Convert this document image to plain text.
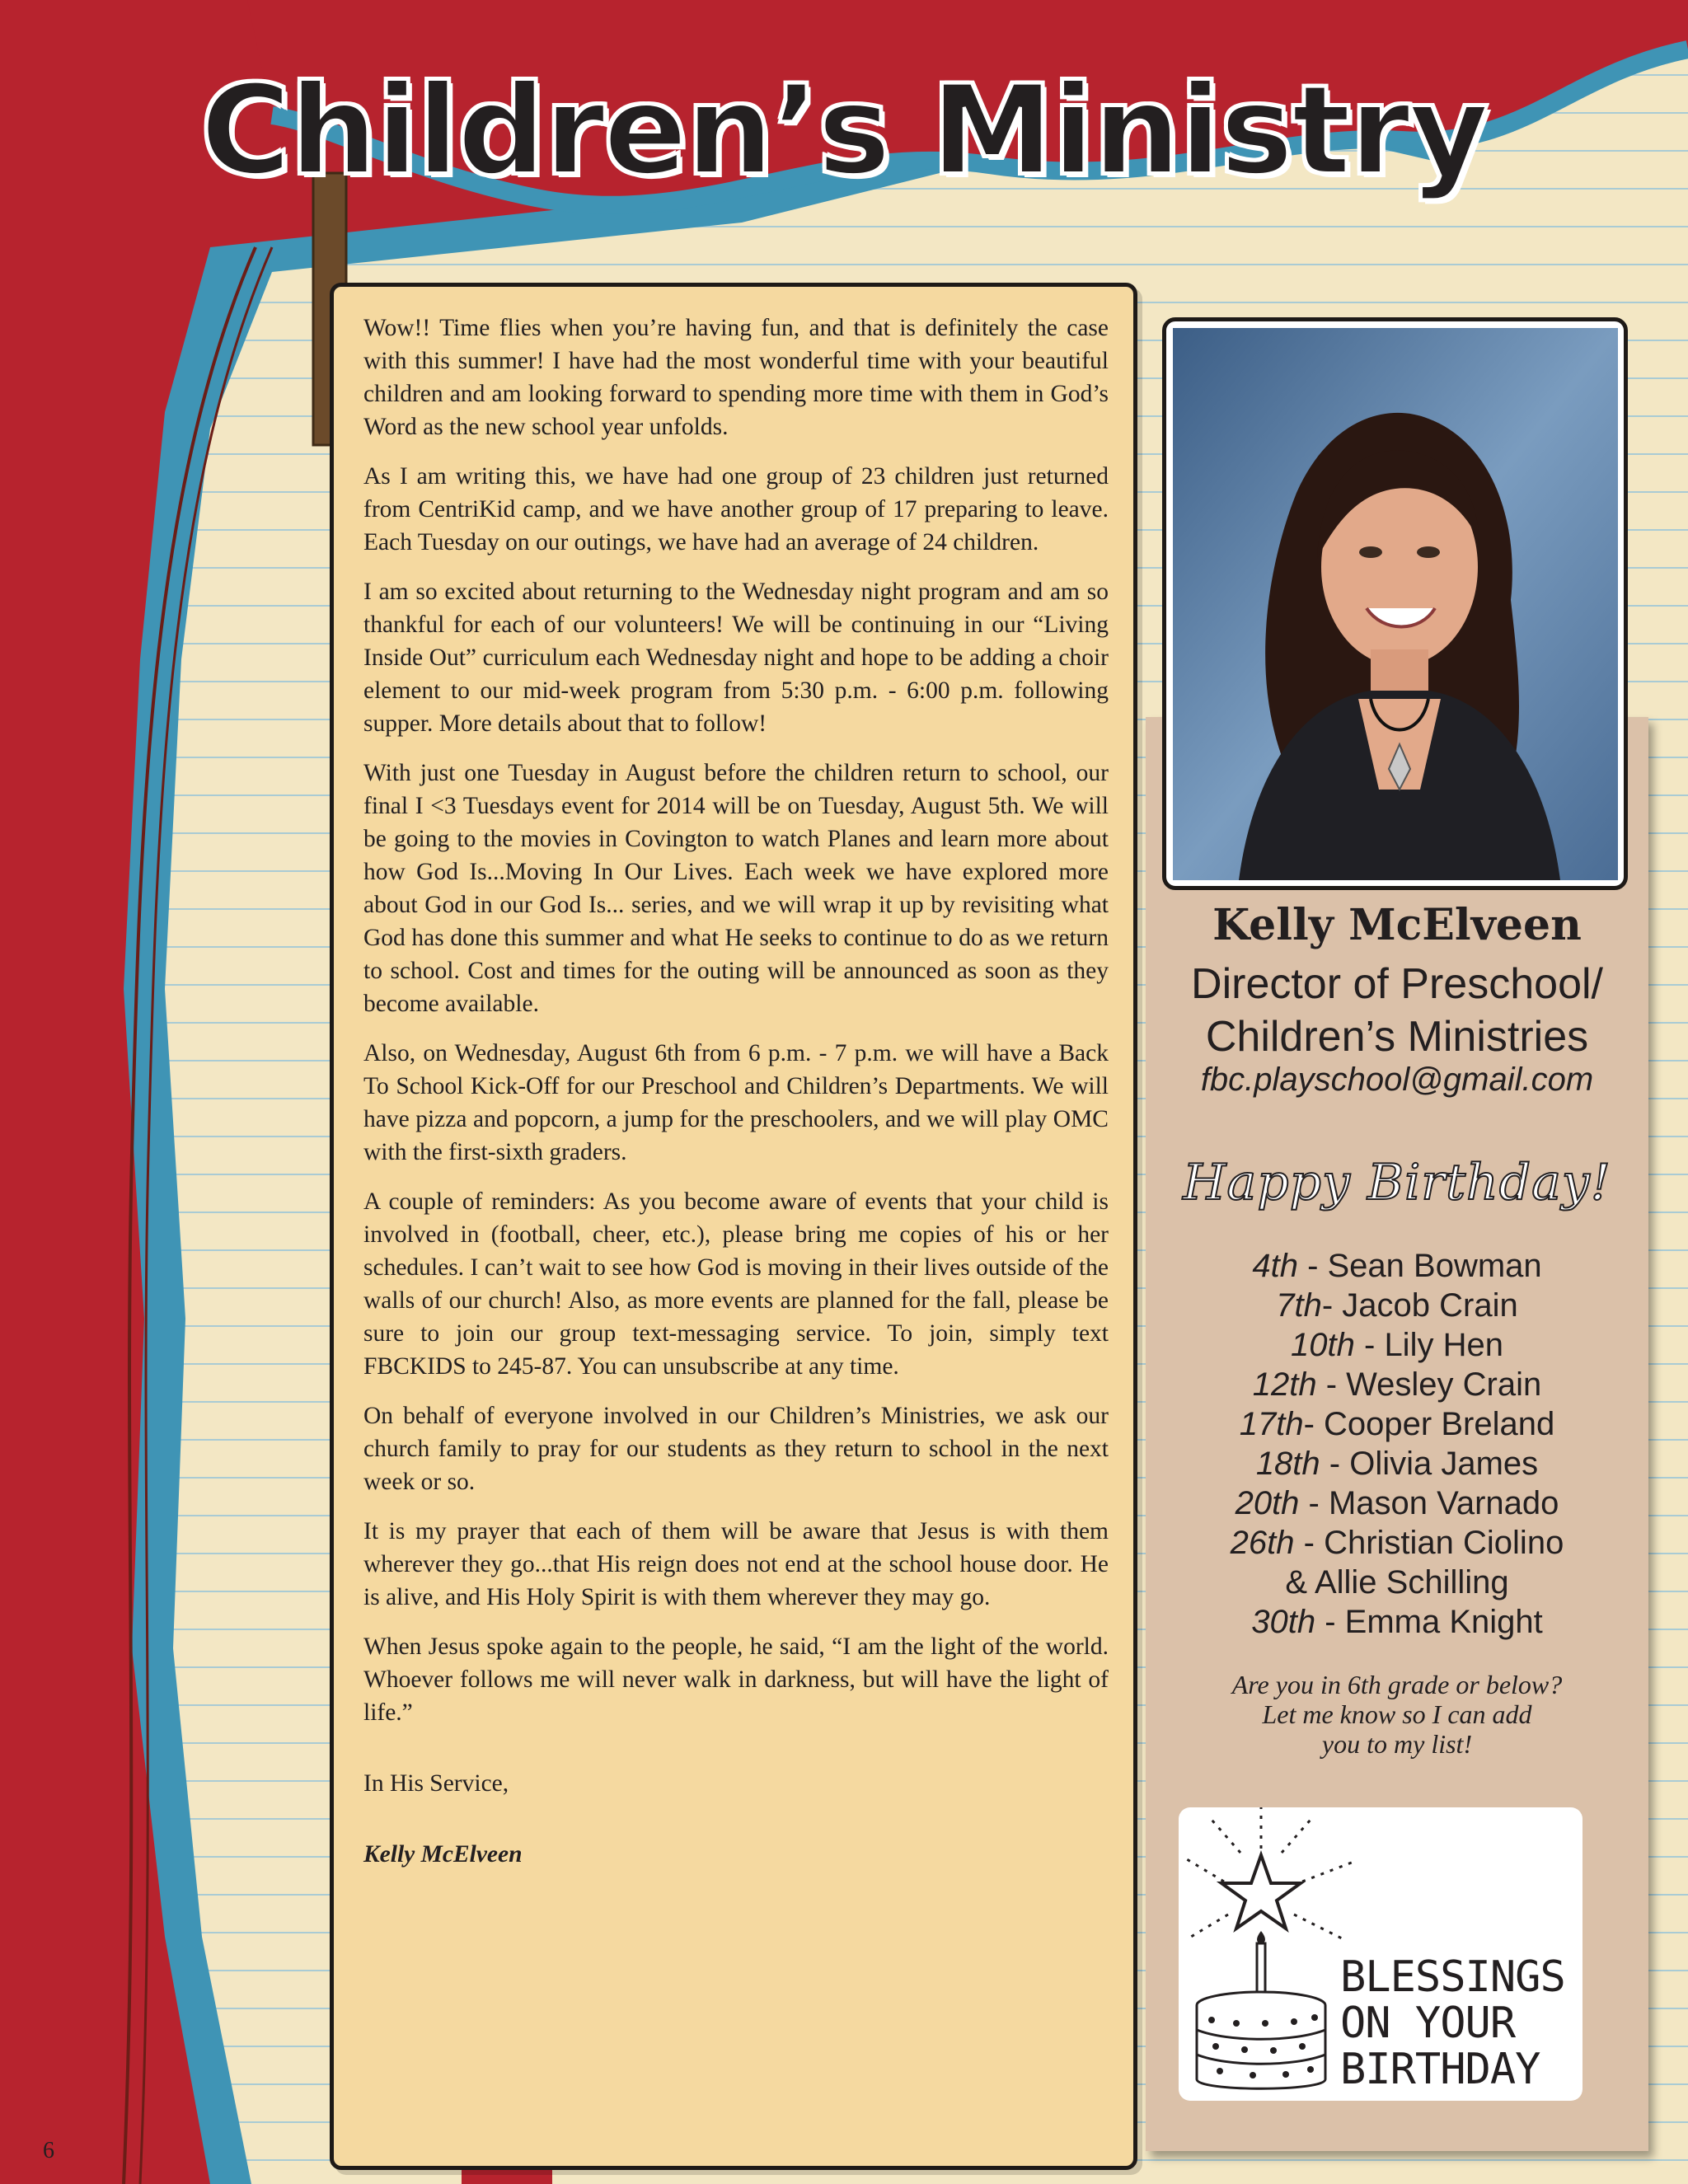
Children’s Ministry

Wow!! Time flies when you’re having fun, and that is definitely the case with this summer! I have had the most wonderful time with your beautiful children and am looking forward to spending more time with them in God’s Word as the new school year unfolds.

As I am writing this, we have had one group of 23 children just returned from CentriKid camp, and we have another group of 17 preparing to leave. Each Tuesday on our outings, we have had an average of 24 children.

I am so excited about returning to the Wednesday night program and am so thankful for each of our volunteers! We will be continuing in our “Living Inside Out” curriculum each Wednesday night and hope to be adding a choir element to our mid-week program from 5:30 p.m. - 6:00 p.m. following supper. More details about that to follow!

With just one Tuesday in August before the children return to school, our final I <3 Tuesdays event for 2014 will be on Tuesday, August 5th. We will be going to the movies in Covington to watch Planes and learn more about how God Is...Moving In Our Lives. Each week we have explored more about God in our God Is... series, and we will wrap it up by revisiting what God has done this summer and what He seeks to continue to do as we return to school. Cost and times for the outing will be announced as soon as they become available.

Also, on Wednesday, August 6th from 6 p.m. - 7 p.m. we will have a Back To School Kick-Off for our Preschool and Children’s Departments. We will have pizza and popcorn, a jump for the preschoolers, and we will play OMC with the first-sixth graders.

A couple of reminders: As you become aware of events that your child is involved in (football, cheer, etc.), please bring me copies of his or her schedules. I can’t wait to see how God is moving in their lives outside of the walls of our church! Also, as more events are planned for the fall, please be sure to join our group text-messaging service. To join, simply text FBCKIDS to 245-87. You can unsubscribe at any time.

On behalf of everyone involved in our Children’s Ministries, we ask our church family to pray for our students as they return to school in the next week or so.

It is my prayer that each of them will be aware that Jesus is with them wherever they go...that His reign does not end at the school house door. He is alive, and His Holy Spirit is with them wherever they may go.

When Jesus spoke again to the people, he said, “I am the light of the world. Whoever follows me will never walk in darkness, but will have the light of life.”

In His Service,

Kelly McElveen

Kelly McElveen
Director of Preschool/
Children’s Ministries
fbc.playschool@gmail.com
Happy Birthday!
4th - Sean Bowman
7th- Jacob Crain
10th - Lily Hen
12th - Wesley Crain
17th- Cooper Breland
18th - Olivia James
20th - Mason Varnado
26th - Christian Ciolino
& Allie Schilling
30th - Emma Knight
Are you in 6th grade or below?
Let me know so I can add
you to my list!
BLESSINGS
ON YOUR
BIRTHDAY
6
